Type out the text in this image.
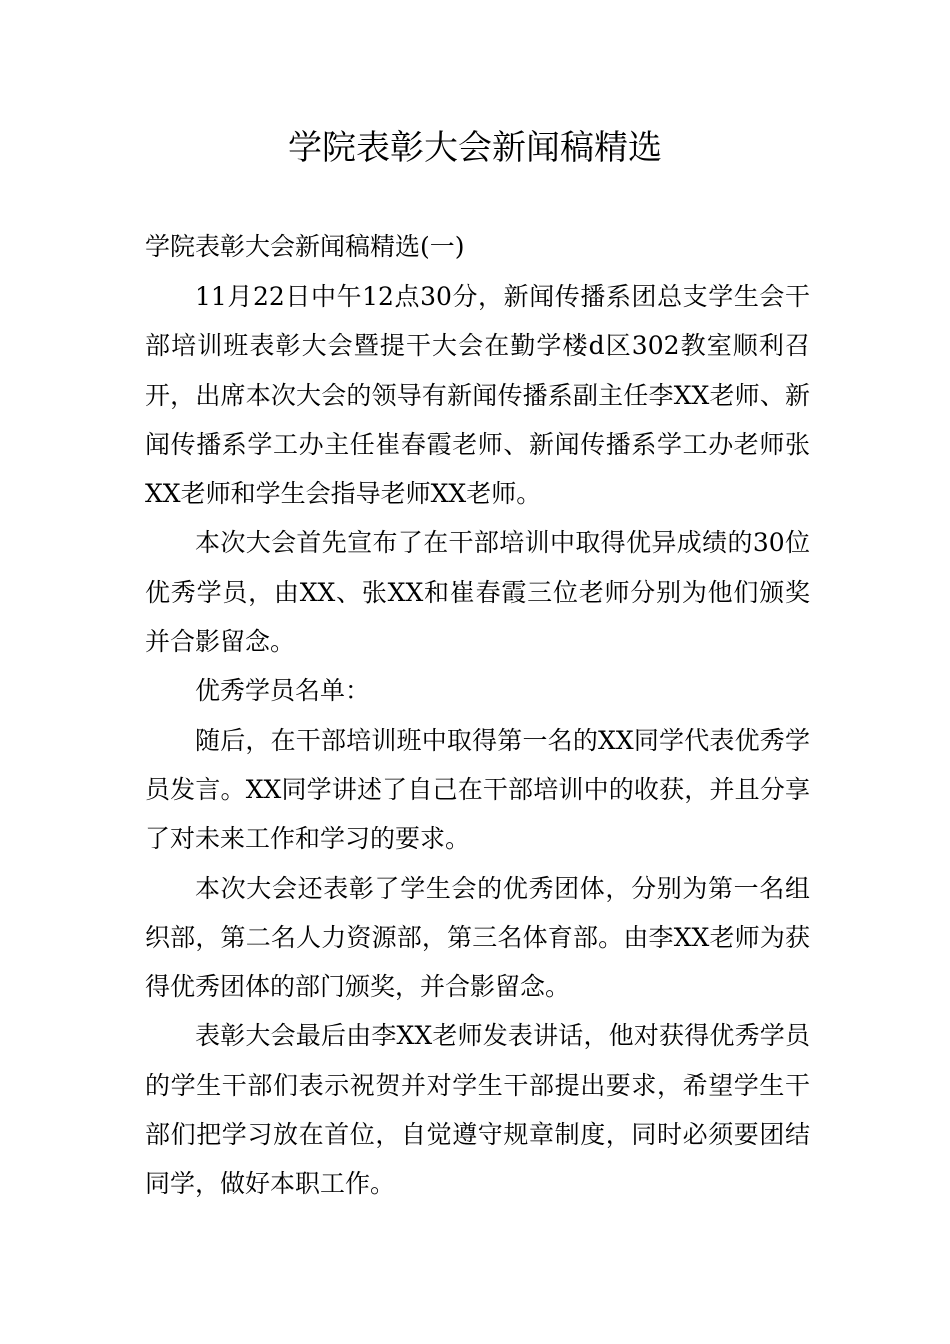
学院表彰大会新闻稿精选

学院表彰大会新闻稿精选(一)

11月22日中午12点30分，新闻传播系团总支学生会干部培训班表彰大会暨提干大会在勤学楼d区302教室顺利召开，出席本次大会的领导有新闻传播系副主任李XX老师、新闻传播系学工办主任崔春霞老师、新闻传播系学工办老师张XX老师和学生会指导老师XX老师。

本次大会首先宣布了在干部培训中取得优异成绩的30位优秀学员，由XX、张XX和崔春霞三位老师分别为他们颁奖并合影留念。

优秀学员名单：

随后，在干部培训班中取得第一名的XX同学代表优秀学员发言。XX同学讲述了自己在干部培训中的收获，并且分享了对未来工作和学习的要求。

本次大会还表彰了学生会的优秀团体，分别为第一名组织部，第二名人力资源部，第三名体育部。由李XX老师为获得优秀团体的部门颁奖，并合影留念。

表彰大会最后由李XX老师发表讲话，他对获得优秀学员的学生干部们表示祝贺并对学生干部提出要求，希望学生干部们把学习放在首位，自觉遵守规章制度，同时必须要团结同学，做好本职工作。
